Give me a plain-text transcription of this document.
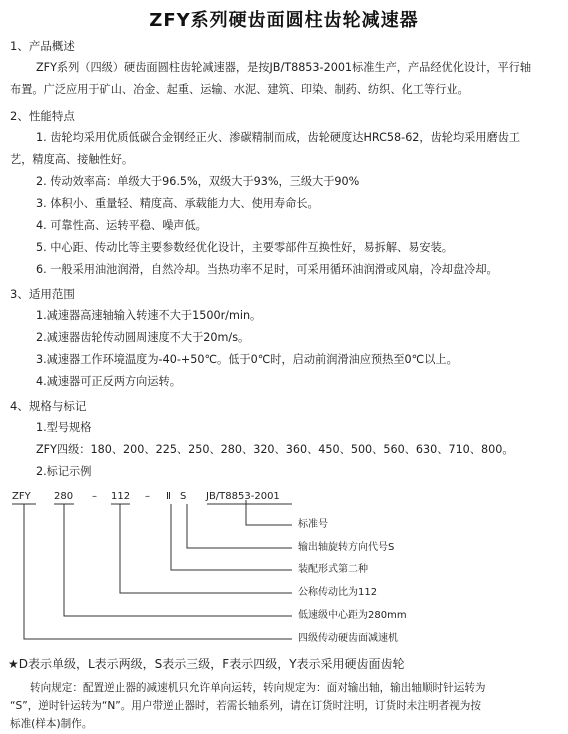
ZFY系列硬齿面圆柱齿轮减速器
1、产品概述
ZFY系列（四级）硬齿面圆柱齿轮减速器，是按JB/T8853-2001标准生产，产品经优化设计，平行轴
布置。广泛应用于矿山、冶金、起重、运输、水泥、建筑、印染、制药、纺织、化工等行业。
2、性能特点
1. 齿轮均采用优质低碳合金钢经正火、渗碳精制而成，齿轮硬度达HRC58-62，齿轮均采用磨齿工
艺，精度高、接触性好。
2. 传动效率高：单级大于96.5%，双级大于93%，三级大于90%
3. 体积小、重量轻、精度高、承载能力大、使用寿命长。
4. 可靠性高、运转平稳、噪声低。
5. 中心距、传动比等主要参数经优化设计，主要零部件互换性好，易拆解、易安装。
6. 一般采用油池润滑，自然冷却。当热功率不足时，可采用循环油润滑或风扇，冷却盘冷却。
3、适用范围
1.减速器高速轴输入转速不大于1500r/min。
2.减速器齿轮传动圆周速度不大于20m/s。
3.减速器工作环境温度为-40-+50℃。低于0℃时，启动前润滑油应预热至0℃以上。
4.减速器可正反两方向运转。
4、规格与标记
1.型号规格
ZFY四级：180、200、225、250、280、320、360、450、500、560、630、710、800。
2.标记示例
ZFY	280	–	112	–	Ⅱ S	JB/T8853-2001
标准号
输出轴旋转方向代号S
装配形式第二种
公称传动比为112
低速级中心距为280mm
四级传动硬齿面减速机
★D表示单级，L表示两级，S表示三级，F表示四级，Y表示采用硬齿面齿轮
转向规定：配置逆止器的减速机只允许单向运转，转向规定为：面对输出轴，输出轴顺时针运转为
“S”，逆时针运转为“N”。用户带逆止器时，若需长轴系列，请在订货时注明，订货时未注明者视为按
标准(样本)制作。
